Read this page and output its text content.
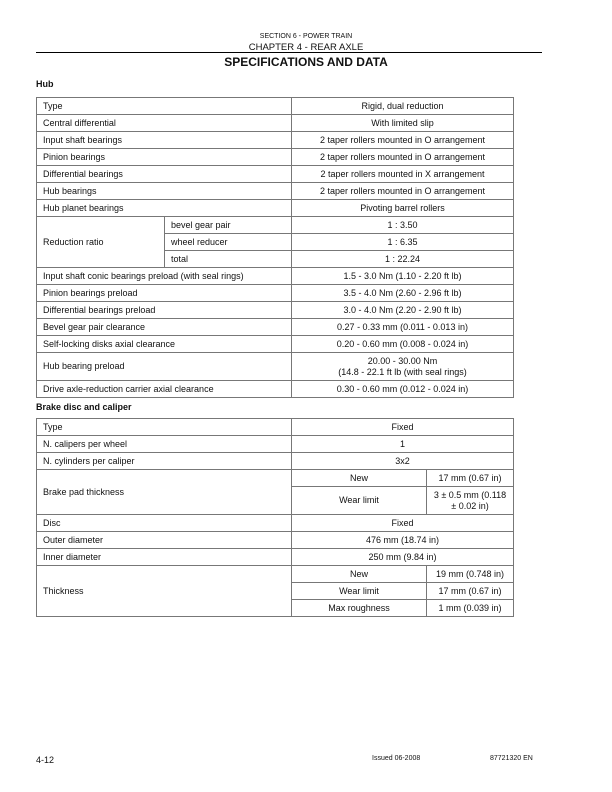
SECTION 6 - POWER TRAIN
CHAPTER 4 - REAR AXLE
SPECIFICATIONS AND DATA
Hub
Type		Rigid, dual reduction
Central differential		With limited slip
Input shaft bearings		2 taper rollers mounted in O arrangement
Pinion bearings		2 taper rollers mounted in O arrangement
Differential bearings		2 taper rollers mounted in X arrangement
Hub bearings		2 taper rollers mounted in O arrangement
Hub planet bearings		Pivoting barrel rollers
Reduction ratio	bevel gear pair	1 : 3.50
	wheel reducer	1 : 6.35
	total	1 : 22.24
Input shaft conic bearings preload (with seal rings)		1.5 - 3.0 Nm (1.10 - 2.20 ft lb)
Pinion bearings preload		3.5 - 4.0 Nm (2.60 - 2.96 ft lb)
Differential bearings preload		3.0 - 4.0 Nm (2.20 - 2.90 ft lb)
Bevel gear pair clearance		0.27 - 0.33 mm (0.011 - 0.013 in)
Self-locking disks axial clearance		0.20 - 0.60 mm (0.008 - 0.024 in)
Hub bearing preload		20.00 - 30.00 Nm
(14.8 - 22.1 ft lb (with seal rings)

Drive axle-reduction carrier axial clearance		0.30 - 0.60 mm (0.012 - 0.024 in)
Brake disc and caliper
Type	Fixed	
N. calipers per wheel	1	
N. cylinders per caliper	3x2	
Brake pad thickness	New	17 mm (0.67 in)
	Wear limit	3 ± 0.5 mm (0.118 ± 0.02 in)
Disc	Fixed	
Outer diameter	476 mm (18.74 in)	
Inner diameter	250 mm (9.84 in)	
Thickness	New	19 mm (0.748 in)
	Wear limit	17 mm (0.67 in)
	Max roughness	1 mm (0.039 in)
4-12	Issued 06-2008	87721320 EN
